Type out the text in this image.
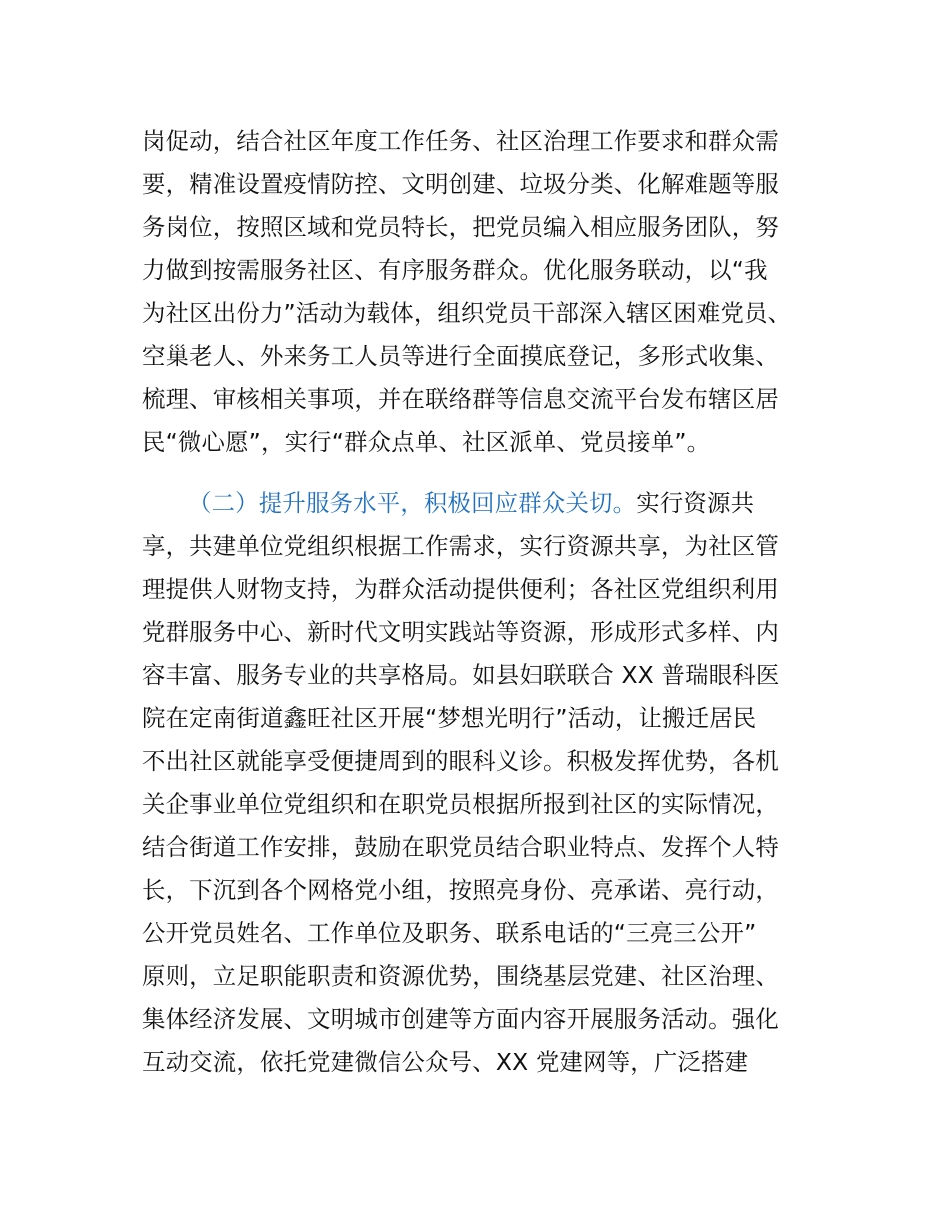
岗促动，结合社区年度工作任务、社区治理工作要求和群众需
要，精准设置疫情防控、文明创建、垃圾分类、化解难题等服
务岗位，按照区域和党员特长，把党员编入相应服务团队，努
力做到按需服务社区、有序服务群众。优化服务联动，以“我
为社区出份力”活动为载体，组织党员干部深入辖区困难党员、
空巢老人、外来务工人员等进行全面摸底登记，多形式收集、
梳理、审核相关事项，并在联络群等信息交流平台发布辖区居
民“微心愿”，实行“群众点单、社区派单、党员接单”。
（二）提升服务水平，积极回应群众关切。实行资源共
享，共建单位党组织根据工作需求，实行资源共享，为社区管
理提供人财物支持，为群众活动提供便利；各社区党组织利用
党群服务中心、新时代文明实践站等资源，形成形式多样、内
容丰富、服务专业的共享格局。如县妇联联合 XX 普瑞眼科医
院在定南街道鑫旺社区开展“梦想光明行”活动，让搬迁居民
不出社区就能享受便捷周到的眼科义诊。积极发挥优势，各机
关企事业单位党组织和在职党员根据所报到社区的实际情况，
结合街道工作安排，鼓励在职党员结合职业特点、发挥个人特
长，下沉到各个网格党小组，按照亮身份、亮承诺、亮行动，
公开党员姓名、工作单位及职务、联系电话的“三亮三公开”
原则，立足职能职责和资源优势，围绕基层党建、社区治理、
集体经济发展、文明城市创建等方面内容开展服务活动。强化
互动交流，依托党建微信公众号、XX 党建网等，广泛搭建
